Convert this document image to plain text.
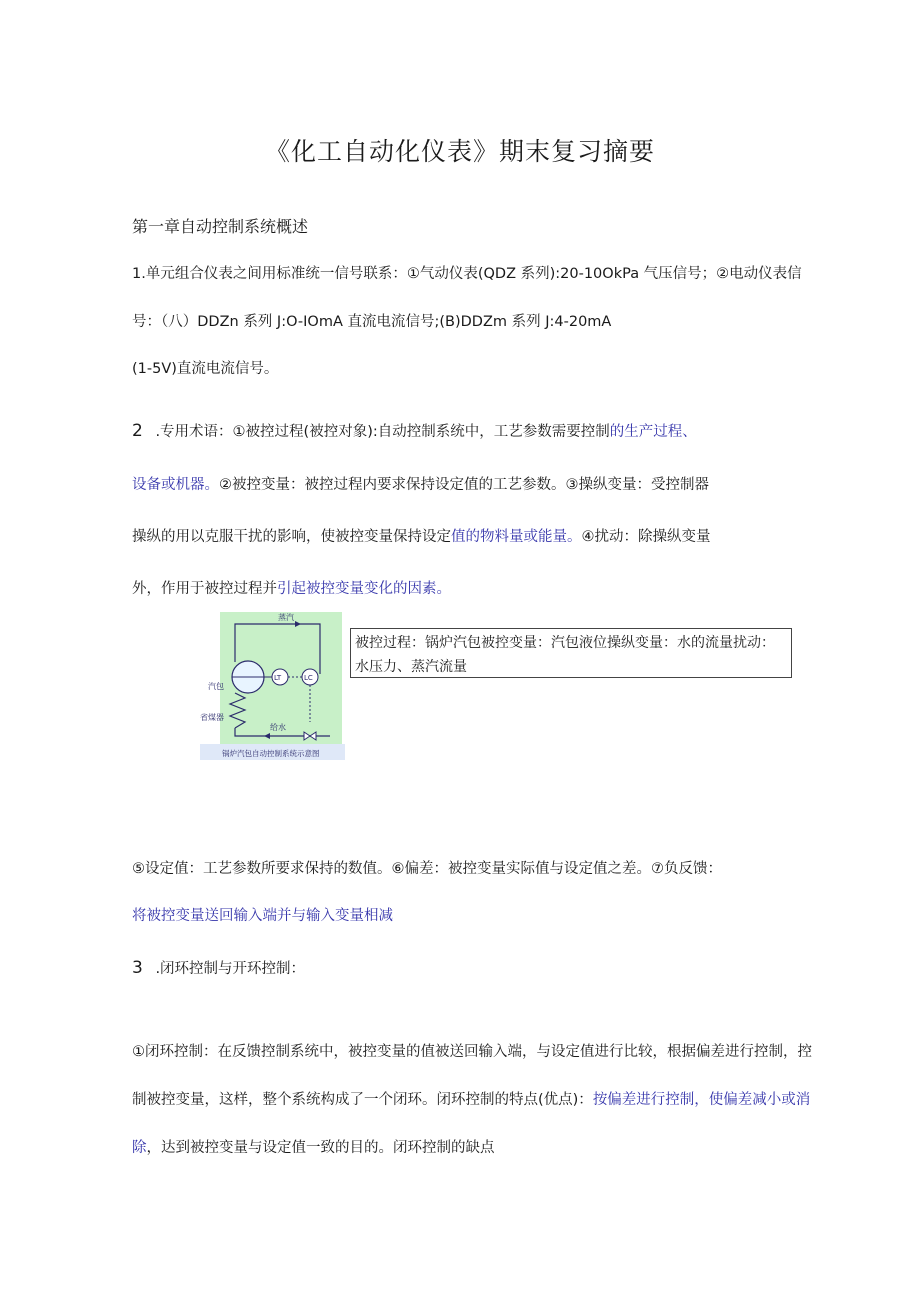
《化工自动化仪表》期末复习摘要
第一章自动控制系统概述
1.单元组合仪表之间用标准统一信号联系：①气动仪表(QDZ 系列):20-10OkPa 气压信号；②电动仪表信
号：（八）DDZn 系列 J:O-IOmA 直流电流信号;(B)DDZm 系列 J:4-20mA
(1-5V)直流电流信号。
2 .专用术语：①被控过程(被控对象):自动控制系统中，工艺参数需要控制的生产过程、
设备或机器。②被控变量：被控过程内要求保持设定值的工艺参数。③操纵变量：受控制器
操纵的用以克服干扰的影响，使被控变量保持设定值的物料量或能量。④扰动：除操纵变量
外，作用于被控过程并引起被控变量变化的因素。
蒸汽
汽包
LT	LC
省煤器
给水
锅炉汽包自动控制系统示意图
被控过程：锅炉汽包被控变量：汽包液位操纵变量：水的流量扰动：水压力、蒸汽流量
⑤设定值：工艺参数所要求保持的数值。⑥偏差：被控变量实际值与设定值之差。⑦负反馈：
将被控变量送回输入端并与输入变量相减
3 .闭环控制与开环控制：
①闭环控制：在反馈控制系统中，被控变量的值被送回输入端，与设定值进行比较，根据偏差进行控制，控
制被控变量，这样，整个系统构成了一个闭环。闭环控制的特点(优点)：按偏差进行控制，使偏差减小或消
除，达到被控变量与设定值一致的目的。闭环控制的缺点
